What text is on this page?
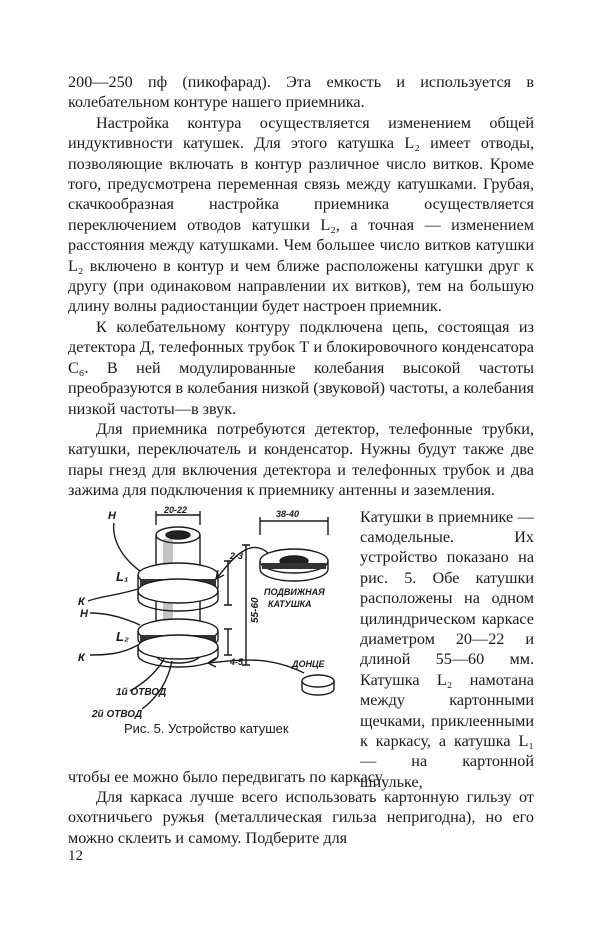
200—250 пф (пикофарад). Эта емкость и используется в колебательном контуре нашего приемника.

Настройка контура осуществляется изменением общей индуктивности катушек. Для этого катушка L₂ имеет отводы, позволяющие включать в контур различное число витков. Кроме того, предусмотрена переменная связь между катушками. Грубая, скачкообразная настройка приемника осуществляется переключением отводов катушки L₂, а точная — изменением расстояния между катушками. Чем большее число витков катушки L₂ включено в контур и чем ближе расположены катушки друг к другу (при одинаковом направлении их витков), тем на большую длину волны радиостанции будет настроен приемник.

К колебательному контуру подключена цепь, состоящая из детектора Д, телефонных трубок Т и блокировочного конденсатора C₆. В ней модулированные колебания высокой частоты преобразуются в колебания низкой (звуковой) частоты, а колебания низкой частоты—в звук.

Для приемника потребуются детектор, телефонные трубки, катушки, переключатель и конденсатор. Нужны будут также две пары гнезд для включения детектора и телефонных трубок и два зажима для подключения к приемнику антенны и заземления.

Н
L₁
К
Н
L₂
К
20-22	38-40
2-3
55-60
4-5
ПОДВИЖНАЯ
КАТУШКА
ДОНЦЕ
1й ОТВОД
2й ОТВОД
Рис. 5. Устройство катушек

Катушки в приемнике — самодельные. Их устройство показано на рис. 5. Обе катушки расположены на одном цилиндрическом каркасе диаметром 20—22 и длиной 55—60 мм. Катушка L₂ намотана между картонными щечками, приклеенными к каркасу, а катушка L₁ — на картонной шпульке,

чтобы ее можно было передвигать по каркасу.

Для каркаса лучше всего использовать картонную гильзу от охотничьего ружья (металлическая гильза непригодна), но его можно склеить и самому. Подберите для

12
